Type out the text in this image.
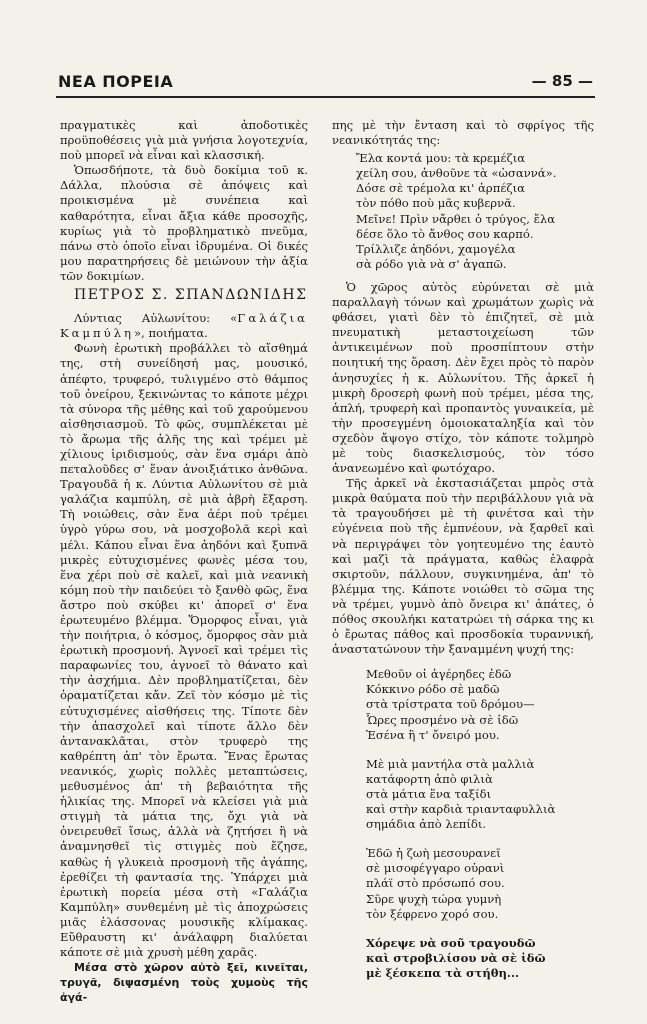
ΝΕΑ ΠΟΡΕΙΑ	— 85 —

πραγματικὲς καὶ ἀποδοτικὲς προϋποθέσεις γιὰ μιὰ γνήσια λογοτεχνία, ποὺ μπορεῖ νὰ εἶναι καὶ κλασσική.

Ὁπωσδήποτε, τὰ δυὸ δοκίμια τοῦ κ. Δάλλα, πλούσια σὲ ἀπόψεις καὶ προικισμένα μὲ συνέπεια καὶ καθαρότητα, εἶναι ἄξια κάθε προσοχῆς, κυρίως γιὰ τὸ προβληματικὸ πνεῦμα, πάνω στὸ ὁποῖο εἶναι ἱδρυμένα. Οἱ δικές μου παρατηρήσεις δὲ μειώνουν τὴν ἀξία τῶν δοκιμίων.

ΠΕΤΡΟΣ Σ. ΣΠΑΝΔΩΝΙΔΗΣ

Λύντιας Αὐλωνίτου: «Γαλάζια Καμπύλη», ποιήματα.

Φωνὴ ἐρωτικὴ προβάλλει τὸ αἴσθημά της, στὴ συνείδησή μας, μουσικό, ἀπέφτο, τρυφερό, τυλιγμένο στὸ θάμπος τοῦ ὀνείρου, ξεκινώντας το κάποτε μέχρι τὰ σύνορα τῆς μέθης καὶ τοῦ χαρούμενου αἰσθησιασμοῦ. Τὸ φῶς, συμπλέκεται μὲ τὸ ἄρωμα τῆς ἁλῆς της καὶ τρέμει μὲ χίλιους ἰριδισμούς, σὰν ἕνα σμάρι ἀπὸ πεταλοῦδες σ' ἕναν ἀνοιξιάτικο ἀνθῶνα. Τραγουδᾶ ἡ κ. Λύντια Αὐλωνίτου σὲ μιὰ γαλάζια καμπύλη, σὲ μιὰ ἀβρὴ ἔξαρση. Τὴ νοιώθεις, σὰν ἕνα ἀέρι ποὺ τρέμει ὑγρὸ γύρω σου, νὰ μοσχοβολᾶ κερὶ καὶ μέλι. Κάπου εἶναι ἕνα ἀηδόνι καὶ ξυπνᾶ μικρὲς εὐτυχισμένες φωνὲς μέσα του, ἕνα χέρι ποὺ σὲ καλεῖ, καὶ μιὰ νεανικὴ κόμη ποὺ τὴν παιδεύει τὸ ξανθὸ φῶς, ἕνα ἄστρο ποὺ σκύβει κι' ἀπορεῖ σ' ἕνα ἐρωτευμένο βλέμμα. Ὅμορφος εἶναι, γιὰ τὴν ποιήτρια, ὁ κόσμος, ὅμορφος σὰν μιὰ ἐρωτικὴ προσμονή. Ἀγνοεῖ καὶ τρέμει τὶς παραφωνίες του, ἀγνοεῖ τὸ θάνατο καὶ τὴν ἀσχήμια. Δὲν προβληματίζεται, δὲν ὁραματίζεται κἄν. Ζεῖ τὸν κόσμο μὲ τὶς εὐτυχισμένες αἰσθήσεις της. Τίποτε δὲν τὴν ἀπασχολεῖ καὶ τίποτε ἄλλο δὲν ἀντανακλᾶται, στὸν τρυφερὸ της καθρέπτη ἀπ' τὸν ἔρωτα. Ἔνας ἔρωτας νεανικός, χωρὶς πολλὲς μεταπτώσεις, μεθυσμένος ἀπ' τὴ βεβαιότητα τῆς ἡλικίας της. Μπορεῖ νὰ κλείσει γιὰ μιὰ στιγμὴ τὰ μάτια της, ὄχι γιὰ νὰ ὀνειρευθεῖ ἴσως, ἀλλὰ νὰ ζητήσει ἢ νὰ ἀναμνησθεῖ τὶς στιγμὲς ποὺ ἔζησε, καθὼς ἡ γλυκειὰ προσμονὴ τῆς ἀγάπης, ἐρεθίζει τὴ φαντασία της. Ὑπάρχει μιὰ ἐρωτικὴ πορεία μέσα στὴ «Γαλάζια Καμπύλη» συνθεμένη μὲ τὶς ἀποχρώσεις μιᾶς ἐλάσσονας μουσικῆς κλίμακας. Εὔθραυστη κι' ἀνάλαφρη διαλύεται κάποτε σὲ μιὰ χρυσὴ μέθη χαρᾶς.

Μέσα στὸ χῶρον αὐτὸ ξεῖ, κινεῖται, τρυγᾶ, διψασμένη τοὺς χυμοὺς τῆς ἀγά-

πης μὲ τὴν ἔνταση καὶ τὸ σφρίγος τῆς νεανικότητάς της:

Ἔλα κοντά μου: τὰ κρεμέζια
χείλη σου, ἀνθοῦνε τὰ «ὡσαννά».
Δόσε σὲ τρέμολα κι' ἀρπέζια
τὸν πόθο ποὺ μᾶς κυβερνᾶ.
Μεῖνε! Πρὶν νἄρθει ὁ τρύγος, ἔλα
δέσε ὅλο τὸ ἄνθος σου καρπό.
Τρίλλιζε ἀηδόνι, χαμογέλα
σὰ ρόδο γιὰ νὰ σ' ἀγαπῶ.

Ὁ χῶρος αὐτὸς εὐρύνεται σὲ μιὰ παραλλαγὴ τόνων καὶ χρωμάτων χωρὶς νὰ φθάσει, γιατὶ δὲν τὸ ἐπιζητεῖ, σὲ μιὰ πνευματικὴ μεταστοιχείωση τῶν ἀντικειμένων ποὺ προσπίπτουν στὴν ποιητική της ὅραση. Δὲν ἔχει πρὸς τὸ παρὸν ἀνησυχίες ἡ κ. Αὐλωνίτου. Τῆς ἀρκεῖ ἡ μικρὴ δροσερὴ φωνὴ ποὺ τρέμει, μέσα της, ἁπλή, τρυφερὴ καὶ προπαντὸς γυναικεία, μὲ τὴν προσεγμένη ὁμοιοκαταληξία καὶ τὸν σχεδὸν ἄψογο στίχο, τὸν κάποτε τολμηρὸ μὲ τοὺς διασκελισμούς, τὸν τόσο ἀνανεωμένο καὶ φωτόχαρο.

Τῆς ἀρκεῖ νὰ ἐκστασιάζεται μπρὸς στὰ μικρὰ θαύματα ποὺ τὴν περιβάλλουν γιὰ νὰ τὰ τραγουδήσει μὲ τὴ φινέτσα καὶ τὴν εὐγένεια ποὺ τῆς ἐμπνέουν, νὰ ξαρθεῖ καὶ νὰ περιγράψει τὸν γοητευμένο της ἑαυτὸ καὶ μαζὶ τὰ πράγματα, καθὼς ἐλαφρὰ σκιρτοῦν, πάλλουν, συγκινημένα, ἀπ' τὸ βλέμμα της. Κάποτε νοιώθει τὸ σῶμα της νὰ τρέμει, γυμνὸ ἀπὸ ὄνειρα κι' ἀπάτες, ὁ πόθος σκουλήκι κατατρώει τὴ σάρκα της κι ὁ ἔρωτας πάθος καὶ προσδοκία τυραννική, ἀναστατώνουν τὴν ξαναμμένη ψυχή της:

Μεθοῦν οἱ ἀγέρηδες ἐδῶ
Κόκκινο ρόδο σὲ μαδῶ
στὰ τρίστρατα τοῦ δρόμου—
Ὧρες προσμένο νὰ σὲ ἰδῶ
Ἐσένα ἢ τ' ὄνειρό μου.
Μὲ μιὰ μαντήλα στὰ μαλλιὰ
κατάφορτη ἀπὸ φιλιὰ
στὰ μάτια ἕνα ταξίδι
καὶ στὴν καρδιὰ τριανταφυλλιὰ
σημάδια ἀπὸ λεπίδι.
Ἐδῶ ἡ ζωὴ μεσουρανεῖ
σὲ μισοφέγγαρο οὐρανὶ
πλάϊ στὸ πρόσωπό σου.
Σῦρε ψυχὴ τώρα γυμνὴ
τὸν ξέφρενο χορό σου.
Χόρεψε νὰ σοῦ τραγουδῶ
καὶ στροβιλίσου νὰ σὲ ἰδῶ
μὲ ξέσκεπα τὰ στήθη...
